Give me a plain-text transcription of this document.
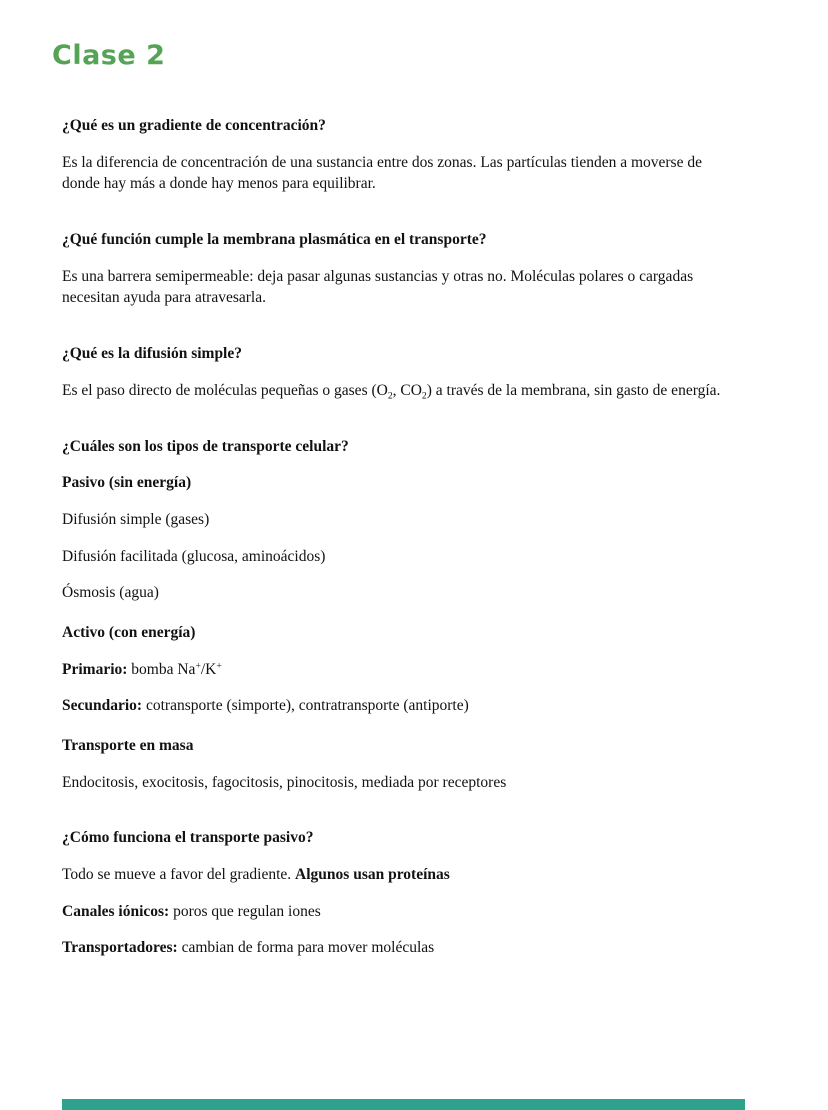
Clase 2
¿Qué es un gradiente de concentración?
Es la diferencia de concentración de una sustancia entre dos zonas. Las partículas tienden a moverse de donde hay más a donde hay menos para equilibrar.
¿Qué función cumple la membrana plasmática en el transporte?
Es una barrera semipermeable: deja pasar algunas sustancias y otras no. Moléculas polares o cargadas necesitan ayuda para atravesarla.
¿Qué es la difusión simple?
Es el paso directo de moléculas pequeñas o gases ($O_2$, $CO_2$) a través de la membrana, sin gasto de energía.
¿Cuáles son los tipos de transporte celular?
Pasivo (sin energía)
Difusión simple (gases)
Difusión facilitada (glucosa, aminoácidos)
Ósmosis (agua)
Activo (con energía)
Primario: bomba Na+/K+
Secundario: cotransporte (simporte), contratransporte (antiporte)
Transporte en masa
Endocitosis, exocitosis, fagocitosis, pinocitosis, mediada por receptores
¿Cómo funciona el transporte pasivo?
Todo se mueve a favor del gradiente. Algunos usan proteínas
Canales iónicos: poros que regulan iones
Transportadores: cambian de forma para mover moléculas
